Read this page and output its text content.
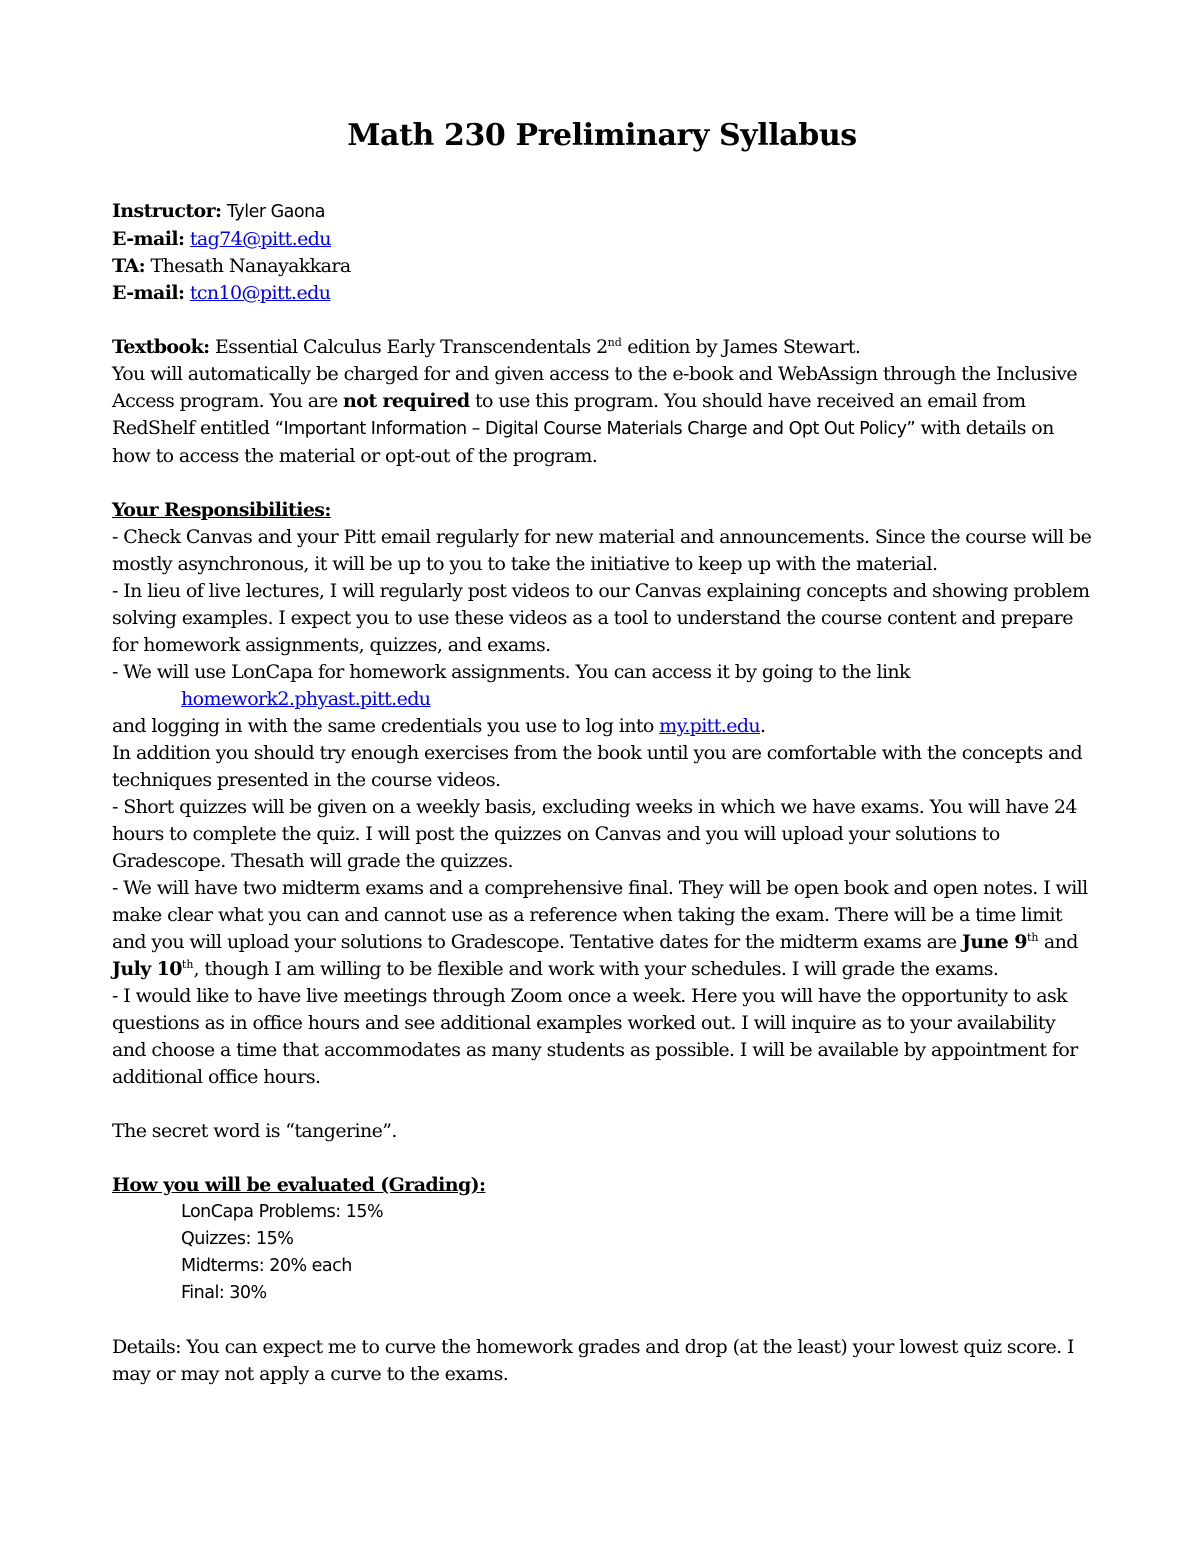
Math 230 Preliminary Syllabus

Instructor: Tyler Gaona

E-mail: tag74@pitt.edu

TA: Thesath Nanayakkara

E-mail: tcn10@pitt.edu

Textbook: Essential Calculus Early Transcendentals 2nd edition by James Stewart.

You will automatically be charged for and given access to the e-book and WebAssign through the Inclusive Access program. You are not required to use this program. You should have received an email from RedShelf entitled “Important Information – Digital Course Materials Charge and Opt Out Policy” with details on how to access the material or opt-out of the program.

Your Responsibilities:

- Check Canvas and your Pitt email regularly for new material and announcements. Since the course will be mostly asynchronous, it will be up to you to take the initiative to keep up with the material.

- In lieu of live lectures, I will regularly post videos to our Canvas explaining concepts and showing problem solving examples. I expect you to use these videos as a tool to understand the course content and prepare for homework assignments, quizzes, and exams.

- We will use LonCapa for homework assignments. You can access it by going to the link

homework2.phyast.pitt.edu

and logging in with the same credentials you use to log into my.pitt.edu.

In addition you should try enough exercises from the book until you are comfortable with the concepts and techniques presented in the course videos.

- Short quizzes will be given on a weekly basis, excluding weeks in which we have exams. You will have 24 hours to complete the quiz. I will post the quizzes on Canvas and you will upload your solutions to Gradescope. Thesath will grade the quizzes.

- We will have two midterm exams and a comprehensive final. They will be open book and open notes. I will make clear what you can and cannot use as a reference when taking the exam. There will be a time limit and you will upload your solutions to Gradescope. Tentative dates for the midterm exams are June 9th and July 10th, though I am willing to be flexible and work with your schedules. I will grade the exams.

- I would like to have live meetings through Zoom once a week. Here you will have the opportunity to ask questions as in office hours and see additional examples worked out. I will inquire as to your availability and choose a time that accommodates as many students as possible. I will be available by appointment for additional office hours.

The secret word is “tangerine”.

How you will be evaluated (Grading):

LonCapa Problems: 15%

Quizzes: 15%

Midterms: 20% each

Final: 30%

Details: You can expect me to curve the homework grades and drop (at the least) your lowest quiz score. I may or may not apply a curve to the exams.
